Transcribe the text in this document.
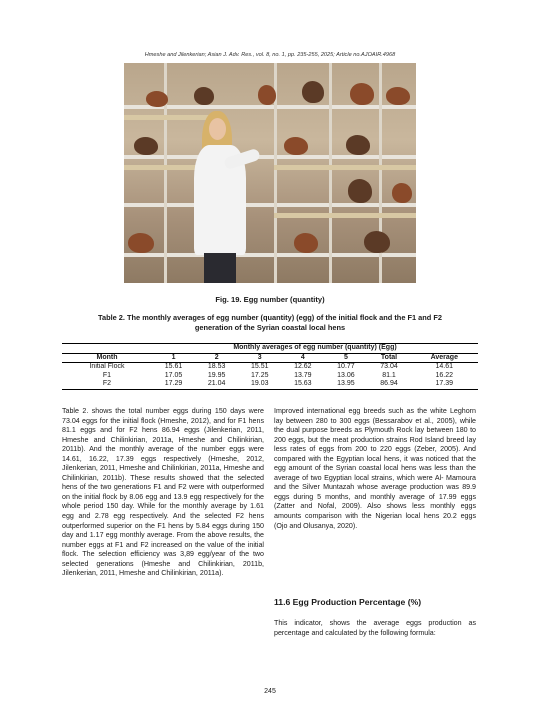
Hmeshe and Jilenkerian; Asian J. Adv. Res., vol. 8, no. 1, pp. 235-255, 2025; Article no.AJOAIR.4968
Fig. 19. Egg number (quantity)
Table 2. The monthly averages of egg number (quantity) (egg) of the initial flock and the F1 and F2 generation of the Syrian coastal local hens
	Monthly averages of egg number (quantity) (Egg)						
Month	1	2	3	4	5	Total	Average
Initial Flock	15.61	18.53	15.51	12.62	10.77	73.04	14.61
F1	17.05	19.95	17.25	13.79	13.06	81.1	16.22
F2	17.29	21.04	19.03	15.63	13.95	86.94	17.39
Table 2. shows the total number eggs during 150 days were 73.04 eggs for the initial flock (Hmeshe, 2012), and for F1 hens 81.1 eggs and for F2 hens 86.94 eggs (Jilenkerian, 2011, Hmeshe and Chilinkirian, 2011a, Hmeshe and Chilinkirian, 2011b). And the monthly average of the number eggs were 14.61, 16.22, 17.39 eggs respectively (Hmeshe, 2012, Jilenkerian, 2011, Hmeshe and Chilinkirian, 2011a, Hmeshe and Chilinkirian, 2011b). These results showed that the selected hens of the two generations F1 and F2 were with outperformed on the initial flock by 8.06 egg and 13.9 egg respectively for the whole period 150 day. While for the monthly average by 1.61 egg and 2.78 egg respectively. And the selected F2 hens outperformed superior on the F1 hens by 5.84 eggs during 150 day and 1.17 egg monthly average. From the above results, the number eggs at F1 and F2 increased on the value of the initial flock. The selection efficiency was 3,89 egg/year of the two selected generations (Hmeshe and Chilinkirian, 2011b, Jilenkerian, 2011, Hmeshe and Chilinkirian, 2011a).
Improved international egg breeds such as the white Leghorn lay between 280 to 300 eggs (Bessarabov et al., 2005), while the dual purpose breeds as Plymouth Rock lay between 180 to 200 eggs, but the meat production strains Rod Island breed lay less rates of eggs from 200 to 220 eggs (Zeber, 2005). And compared with the Egyptian local hens, it was noticed that the egg amount of the Syrian coastal local hens was less than the average of two Egyptian local strains, which were Al- Mamoura and the Silver Muntazah whose average production was 89.9 eggs during 5 months, and monthly average of 17.99 eggs (Zatter and Nofal, 2009). Also shows less monthly eggs amounts comparison with the Nigerian local hens 20.2 eggs (Ojo and Olusanya, 2020).
11.6 Egg Production Percentage (%)
This indicator, shows the average eggs production as percentage and calculated by the following formula:
245
